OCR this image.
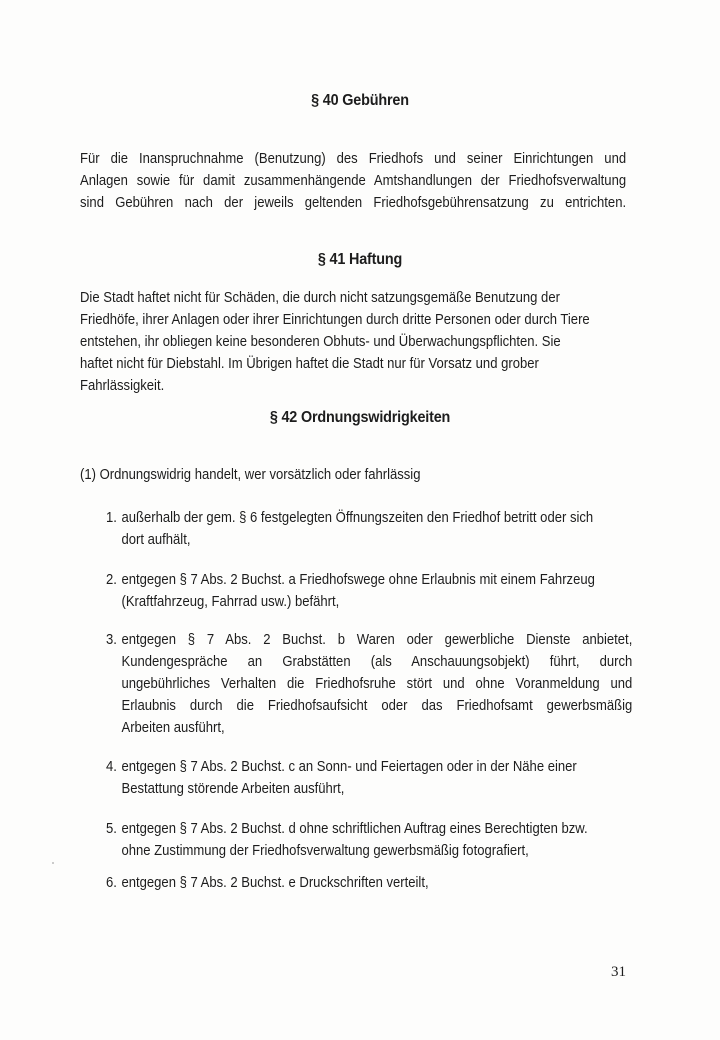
§ 40 Gebühren
Für die Inanspruchnahme (Benutzung) des Friedhofs und seiner Einrichtungen und
Anlagen sowie für damit zusammenhängende Amtshandlungen der Friedhofsverwaltung
sind Gebühren nach der jeweils geltenden Friedhofsgebührensatzung zu entrichten.
§ 41 Haftung
Die Stadt haftet nicht für Schäden, die durch nicht satzungsgemäße Benutzung der
Friedhöfe, ihrer Anlagen oder ihrer Einrichtungen durch dritte Personen oder durch Tiere
entstehen, ihr obliegen keine besonderen Obhuts- und Überwachungspflichten. Sie
haftet nicht für Diebstahl. Im Übrigen haftet die Stadt nur für Vorsatz und grober
Fahrlässigkeit.
§ 42 Ordnungswidrigkeiten
(1) Ordnungswidrig handelt, wer vorsätzlich oder fahrlässig
1. außerhalb der gem. § 6 festgelegten Öffnungszeiten den Friedhof betritt oder sich
dort aufhält,
2. entgegen § 7 Abs. 2 Buchst. a Friedhofswege ohne Erlaubnis mit einem Fahrzeug
(Kraftfahrzeug, Fahrrad usw.) befährt,
3. entgegen § 7 Abs. 2 Buchst. b Waren oder gewerbliche Dienste anbietet,
Kundengespräche an Grabstätten (als Anschauungsobjekt) führt, durch
ungebührliches Verhalten die Friedhofsruhe stört und ohne Voranmeldung und
Erlaubnis durch die Friedhofsaufsicht oder das Friedhofsamt gewerbsmäßig
Arbeiten ausführt,
4. entgegen § 7 Abs. 2 Buchst. c an Sonn- und Feiertagen oder in der Nähe einer
Bestattung störende Arbeiten ausführt,
5. entgegen § 7 Abs. 2 Buchst. d ohne schriftlichen Auftrag eines Berechtigten bzw.
ohne Zustimmung der Friedhofsverwaltung gewerbsmäßig fotografiert,
6. entgegen § 7 Abs. 2 Buchst. e Druckschriften verteilt,
31
